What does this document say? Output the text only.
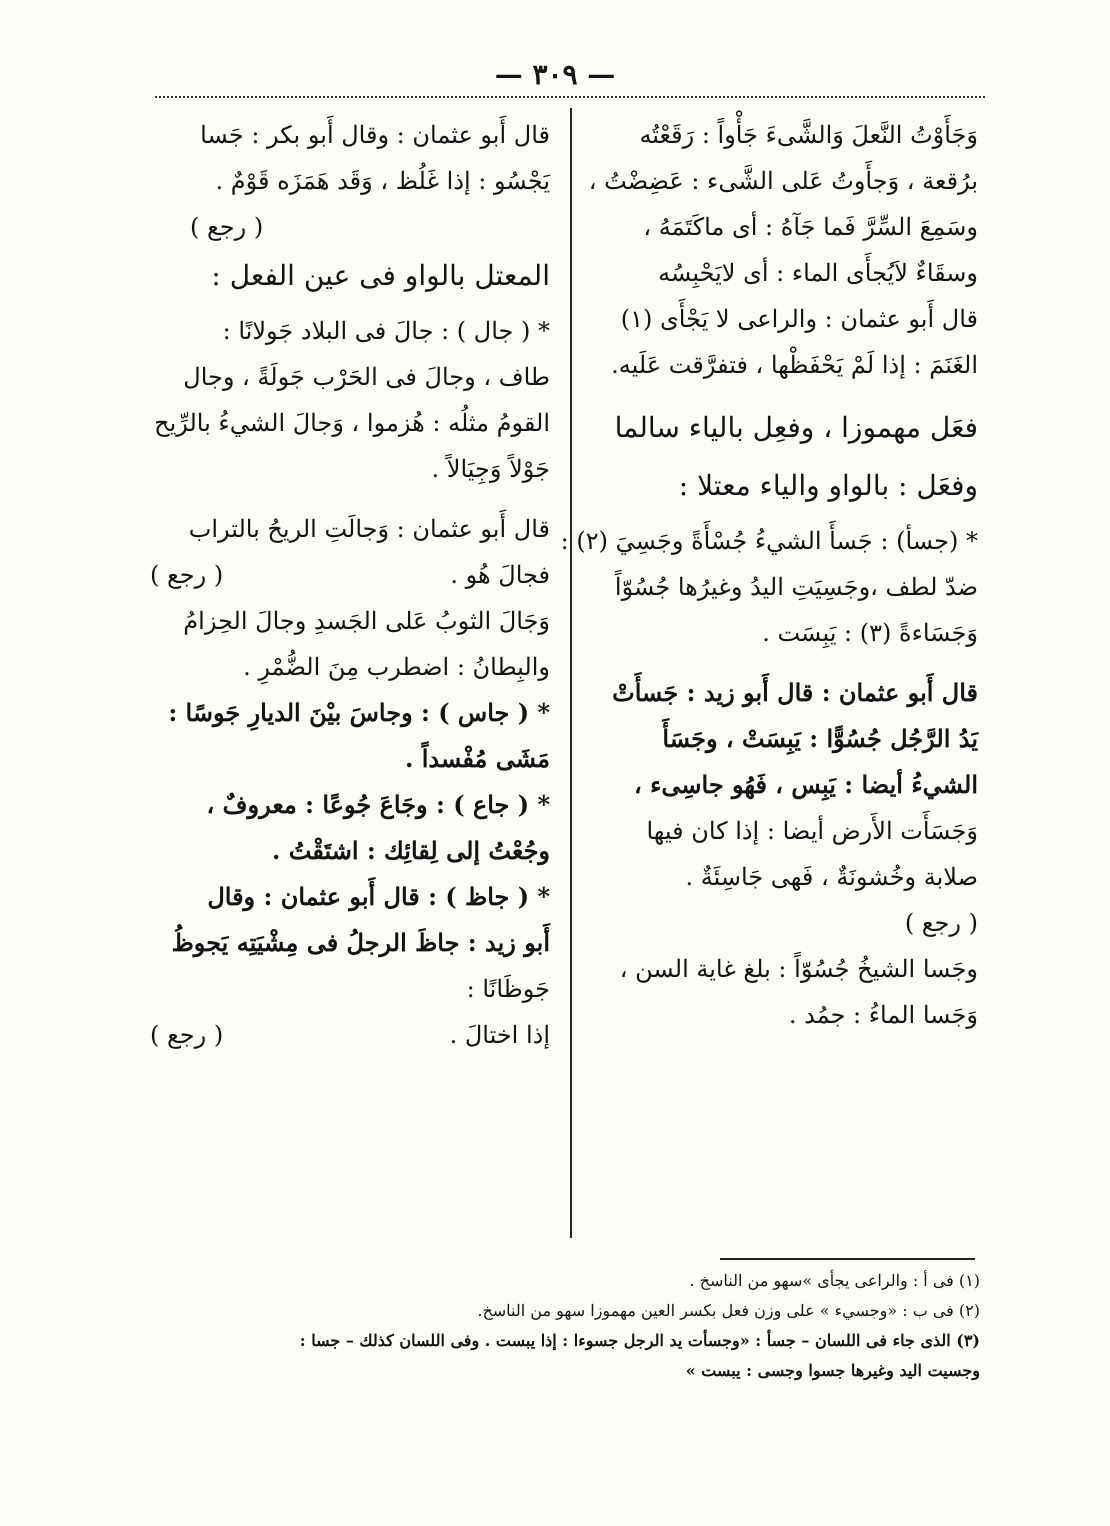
— ٣٠٩ —

وَجَأَوْتُ النَّعلَ وَالشَّىءَ جَأْواً : رَقَعْتُه

برُقعة ، وَجأَوتُ عَلى الشَّىء : عَضِضْتُ ،

وسَمِعَ السِّرَّ فَما جَآهُ : أى ماكَتَمَهُ ،

وسقَاءٌ لاَيُجأَى الماء : أى لايَحْبِسُه

قال أَبو عثمان : والراعى لا يَجْأَى (١)

الغَنَمَ : إذا لَمْ يَحْفَظْها ، فتفرَّقت عَلَيه.

فعَل مهموزا ، وفعِل باليا‌ء سالما

وفعَل : بالواو والياء معتلا :

* (جسأ) : جَسأَ الشيءُ جُسْأَةً وجَسِيَ (٢) :

ضدّ لطف ،وجَسِيَتِ اليدُ وغيرُها جُسُوّاً

وَجَسَاءةً (٣) : يَبِسَت .

قال أَبو عثمان : قال أَبو زيد : جَسأَتْ

يَدُ الرَّجُل جُسُوًّا : يَبِسَتْ ، وجَسَأَ

الشيءُ أيضا : يَبِس ، فَهُو جاسِىء ،

وَجَسَأَت الأَرض أيضا : إذا كان فيها

صلابة وخُشونَةٌ ، فَهى جَاسِئَةٌ .

( رجع )

وجَسا الشيخُ جُسُوّاً : بلغ غاية السن ،

وَجَسا الماءُ : جمُد .

قال أَبو عثمان : وقال أَبو بكر : جَسا

يَجْسُو : إذا غَلُظ ، وَقَد هَمَزَه قَوْمٌ .

( رجع )

المعتل بالواو فى عين الفعل :

* ( جال ) : جالَ فى البلاد جَولانًا :

طاف ، وجالَ فى الحَرْب جَولَةً ، وجال

القومُ مثلُه : هُزموا ، وَجالَ الشيءُ بالرِّيح

جَوْلاً وَجِيَالاً .

قال أَبو عثمان : وَجالَتِ الريحُ بالتراب

فجالَ هُو .
( رجع )

وَجَالَ الثوبُ عَلى الجَسدِ وجالَ الحِزامُ

والبِطانُ : اضطرب مِنَ الضُّمْرِ .

* ( جاس ) : وجاسَ بيْنَ الديارِ جَوسًا :

مَشَى مُفْسداً .

* ( جاع ) : وجَاعَ جُوعًا : معروفٌ ،

وجُعْتُ إلى لِقائِك : اشتَقْتُ .

* ( جاظ ) : قال أَبو عثمان : وقال

أَبو زيد : جاظَ الرجلُ فى مِشْيَتِه يَجوظُ

جَوظَانًا :

إذا اختالَ .
( رجع )

(١) فى أ : والراعى يجأى »سهو من الناسخ .

(٢) فى ب : «وجسيء » على وزن فعل بكسر العين مهموزا سهو من الناسخ.

(٣) الذى جاء فى اللسان – جسأ : «وجسأت يد الرجل جسوءا : إذا يبست . وفى اللسان كذلك – جسا :

وجسيت اليد وغيرها جسوا وجسى : يبست »
